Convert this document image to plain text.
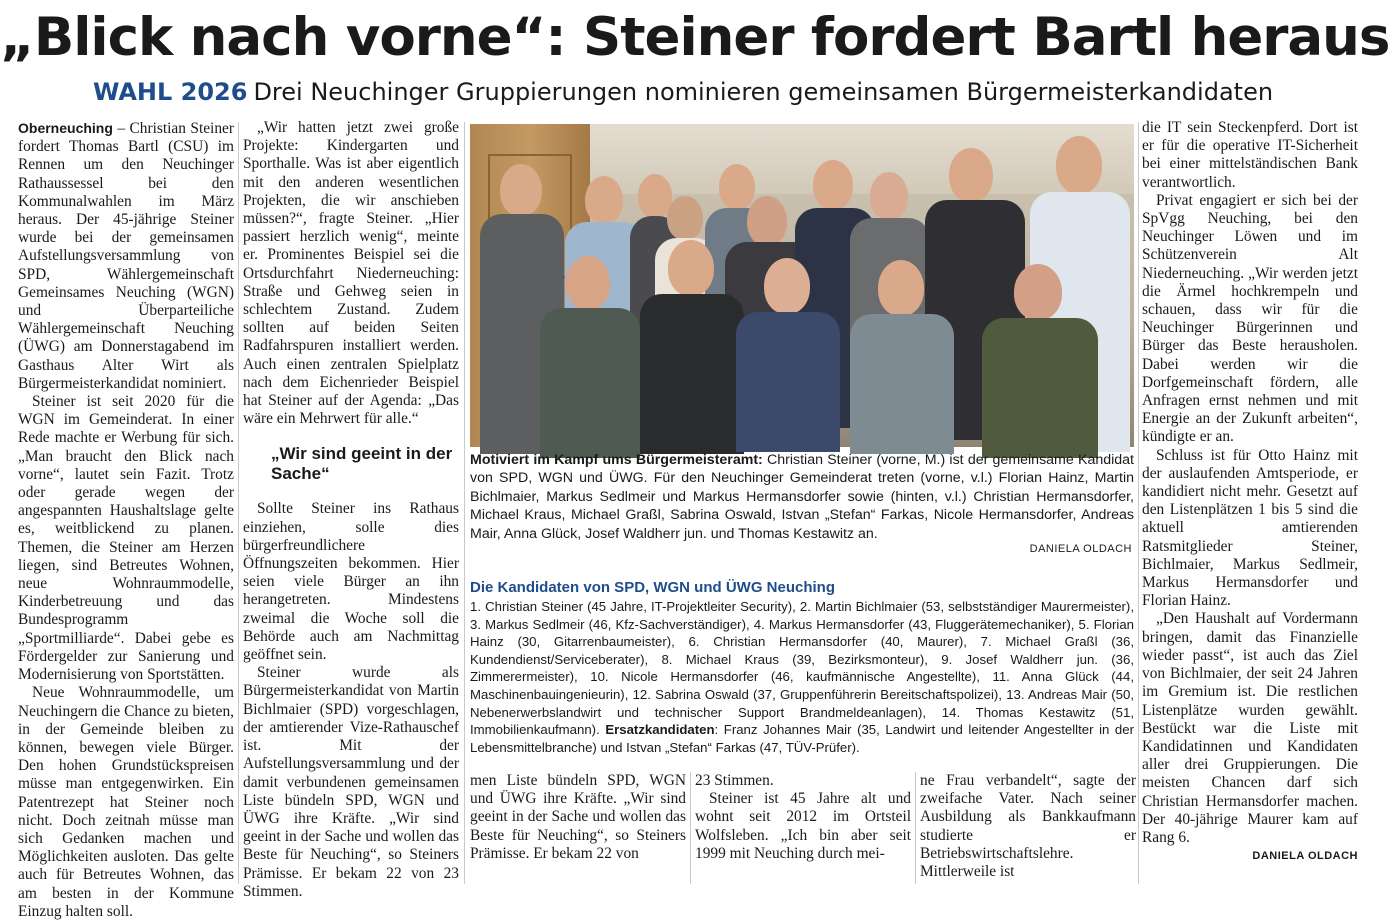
„Blick nach vorne“: Steiner fordert Bartl heraus
WAHL 2026 Drei Neuchinger Gruppierungen nominieren gemeinsamen Bürgermeisterkandidaten

Oberneuching – Christian Steiner fordert Thomas Bartl (CSU) im Rennen um den Neuchinger Rathaussessel bei den Kommunalwahlen im März heraus. Der 45-jährige Steiner wurde bei der gemeinsamen Aufstellungsversammlung von SPD, Wählergemeinschaft Gemeinsames Neuching (WGN) und Überparteiliche Wählergemeinschaft Neuching (ÜWG) am Donnerstagabend im Gasthaus Alter Wirt als Bürgermeisterkandidat nominiert.

Steiner ist seit 2020 für die WGN im Gemeinderat. In einer Rede machte er Werbung für sich. „Man braucht den Blick nach vorne“, lautet sein Fazit. Trotz oder gerade wegen der angespannten Haushaltslage gelte es, weitblickend zu planen. Themen, die Steiner am Herzen liegen, sind Betreutes Wohnen, neue Wohnraummodelle, Kinderbetreuung und das Bundesprogramm „Sportmilliarde“. Dabei gebe es Fördergelder zur Sanierung und Modernisierung von Sportstätten.

Neue Wohnraummodelle, um Neuchingern die Chance zu bieten, in der Gemeinde bleiben zu können, bewegen viele Bürger. Den hohen Grundstückspreisen müsse man entgegenwirken. Ein Patentrezept hat Steiner noch nicht. Doch zeitnah müsse man sich Gedanken machen und Möglichkeiten ausloten. Das gelte auch für Betreutes Wohnen, das am besten in der Kommune Einzug halten soll.

„Wir hatten jetzt zwei große Projekte: Kindergarten und Sporthalle. Was ist aber eigentlich mit den anderen wesentlichen Projekten, die wir anschieben müssen?“, fragte Steiner. „Hier passiert herzlich wenig“, meinte er. Prominentes Beispiel sei die Ortsdurchfahrt Niederneuching: Straße und Gehweg seien in schlechtem Zustand. Zudem sollten auf beiden Seiten Radfahrspuren installiert werden. Auch einen zentralen Spielplatz nach dem Eichenrieder Beispiel hat Steiner auf der Agenda: „Das wäre ein Mehrwert für alle.“

„Wir sind geeint in der Sache“

Sollte Steiner ins Rathaus einziehen, solle dies bürgerfreundlichere Öffnungszeiten bekommen. Hier seien viele Bürger an ihn herangetreten. Mindestens zweimal die Woche soll die Behörde auch am Nachmittag geöffnet sein.

Steiner wurde als Bürgermeisterkandidat von Martin Bichlmaier (SPD) vorgeschlagen, der amtierender Vize-Rathauschef ist. Mit der Aufstellungsversammlung und der damit verbundenen gemeinsamen Liste bündeln SPD, WGN und ÜWG ihre Kräfte. „Wir sind geeint in der Sache und wollen das Beste für Neuching“, so Steiners Prämisse. Er bekam 22 von 23 Stimmen.

Motiviert im Kampf ums Bürgermeisteramt: Christian Steiner (vorne, M.) ist der gemeinsame Kandidat von SPD, WGN und ÜWG. Für den Neuchinger Gemeinderat treten (vorne, v.l.) Florian Hainz, Martin Bichlmaier, Markus Sedlmeir und Markus Hermansdorfer sowie (hinten, v.l.) Christian Hermansdorfer, Michael Kraus, Michael Graßl, Sabrina Oswald, Istvan „Stefan“ Farkas, Nicole Hermansdorfer, Andreas Mair, Anna Glück, Josef Waldherr jun. und Thomas Kestawitz an.
DANIELA OLDACH
Die Kandidaten von SPD, WGN und ÜWG Neuching
1. Christian Steiner (45 Jahre, IT-Projektleiter Security), 2. Martin Bichlmaier (53, selbstständiger Maurermeister), 3. Markus Sedlmeir (46, Kfz-Sachverständiger), 4. Markus Hermansdorfer (43, Fluggerätemechaniker), 5. Florian Hainz (30, Gitarrenbaumeister), 6. Christian Hermansdorfer (40, Maurer), 7. Michael Graßl (36, Kundendienst/Serviceberater), 8. Michael Kraus (39, Bezirksmonteur), 9. Josef Waldherr jun. (36, Zimmerermeister), 10. Nicole Hermansdorfer (46, kaufmännische Angestellte), 11. Anna Glück (44, Maschinenbauingenieurin), 12. Sabrina Oswald (37, Gruppenführerin Bereitschaftspolizei), 13. Andreas Mair (50, Nebenerwerbslandwirt und technischer Support Brandmeldeanlagen), 14. Thomas Kestawitz (51, Immobilienkaufmann). Ersatzkandidaten: Franz Johannes Mair (35, Landwirt und leitender Angestellter in der Lebensmittelbranche) und Istvan „Stefan“ Farkas (47, TÜV-Prüfer).

men Liste bündeln SPD, WGN und ÜWG ihre Kräfte. „Wir sind geeint in der Sache und wollen das Beste für Neuching“, so Steiners Prämisse. Er bekam 22 von

23 Stimmen.

Steiner ist 45 Jahre alt und wohnt seit 2012 im Ortsteil Wolfsleben. „Ich bin aber seit 1999 mit Neuching durch mei-

ne Frau verbandelt“, sagte der zweifache Vater. Nach seiner Ausbildung als Bankkaufmann studierte er Betriebswirtschaftslehre. Mittlerweile ist

die IT sein Steckenpferd. Dort ist er für die operative IT-Sicherheit bei einer mittelständischen Bank verantwortlich.

Privat engagiert er sich bei der SpVgg Neuching, bei den Neuchinger Löwen und im Schützenverein Alt Niederneuching. „Wir werden jetzt die Ärmel hochkrempeln und schauen, dass wir für die Neuchinger Bürgerinnen und Bürger das Beste herausholen. Dabei werden wir die Dorfgemeinschaft fördern, alle Anfragen ernst nehmen und mit Energie an der Zukunft arbeiten“, kündigte er an.

Schluss ist für Otto Hainz mit der auslaufenden Amtsperiode, er kandidiert nicht mehr. Gesetzt auf den Listenplätzen 1 bis 5 sind die aktuell amtierenden Ratsmitglieder Steiner, Bichlmaier, Markus Sedlmeir, Markus Hermansdorfer und Florian Hainz.

„Den Haushalt auf Vordermann bringen, damit das Finanzielle wieder passt“, ist auch das Ziel von Bichlmaier, der seit 24 Jahren im Gremium ist. Die restlichen Listenplätze wurden gewählt. Bestückt war die Liste mit Kandidatinnen und Kandidaten aller drei Gruppierungen. Die meisten Chancen darf sich Christian Hermansdorfer machen. Der 40-jährige Maurer kam auf Rang 6.

DANIELA OLDACH
